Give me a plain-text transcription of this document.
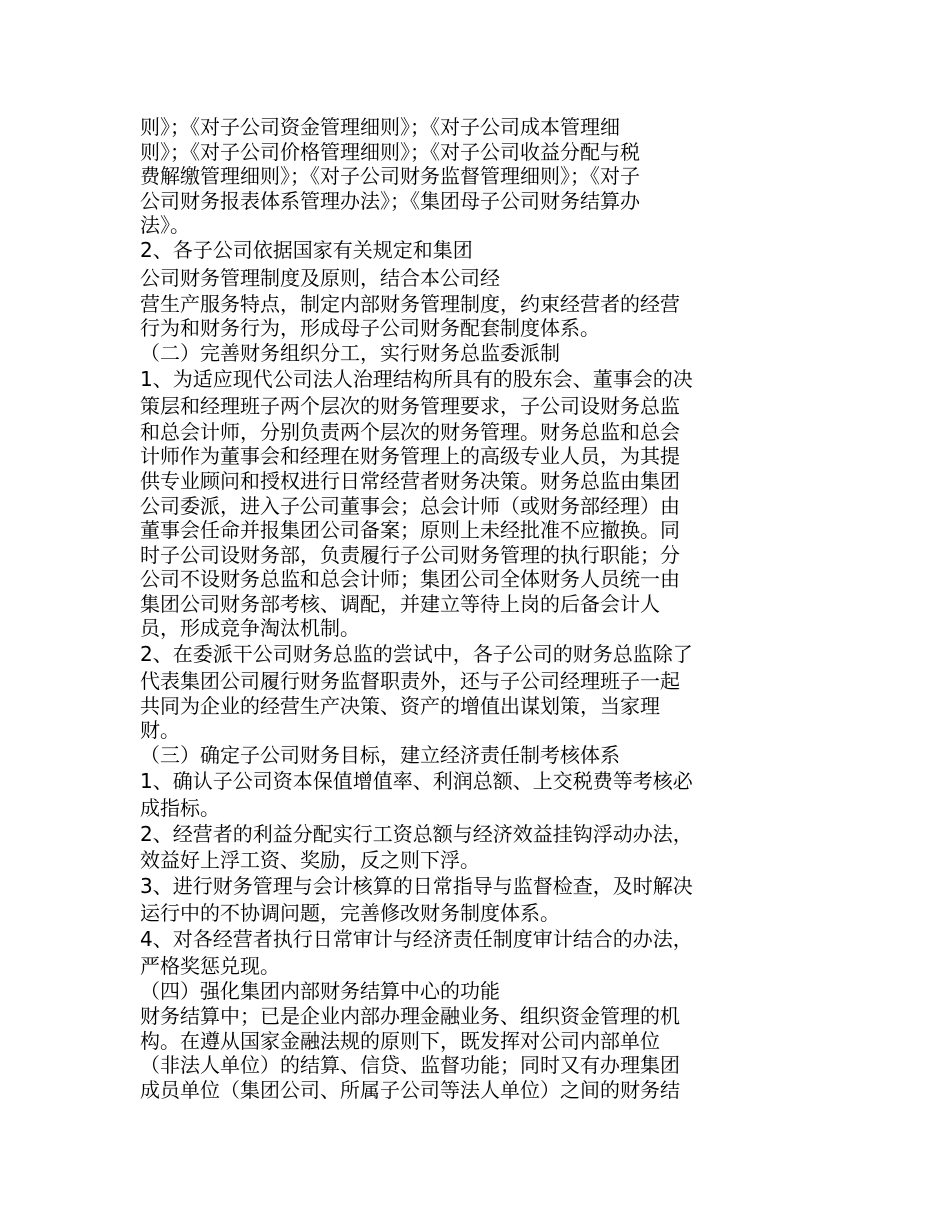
则》；《对子公司资金管理细则》；《对子公司成本管理细
则》；《对子公司价格管理细则》；《对子公司收益分配与税
费解缴管理细则》；《对子公司财务监督管理细则》；《对子
公司财务报表体系管理办法》；《集团母子公司财务结算办
法》。
2、各子公司依据国家有关规定和集团
公司财务管理制度及原则，结合本公司经
营生产服务特点，制定内部财务管理制度，约束经营者的经营
行为和财务行为，形成母子公司财务配套制度体系。
（二）完善财务组织分工，实行财务总监委派制
1、为适应现代公司法人治理结构所具有的股东会、董事会的决
策层和经理班子两个层次的财务管理要求，子公司设财务总监
和总会计师，分别负责两个层次的财务管理。财务总监和总会
计师作为董事会和经理在财务管理上的高级专业人员，为其提
供专业顾问和授权进行日常经营者财务决策。财务总监由集团
公司委派，进入子公司董事会；总会计师（或财务部经理）由
董事会任命并报集团公司备案；原则上未经批准不应撤换。同
时子公司设财务部，负责履行子公司财务管理的执行职能；分
公司不设财务总监和总会计师；集团公司全体财务人员统一由
集团公司财务部考核、调配，并建立等待上岗的后备会计人
员，形成竞争淘汰机制。
2、在委派干公司财务总监的尝试中，各子公司的财务总监除了
代表集团公司履行财务监督职责外，还与子公司经理班子一起
共同为企业的经营生产决策、资产的增值出谋划策，当家理
财。
（三）确定子公司财务目标，建立经济责任制考核体系
1、确认子公司资本保值增值率、利润总额、上交税费等考核必
成指标。
2、经营者的利益分配实行工资总额与经济效益挂钩浮动办法，
效益好上浮工资、奖励，反之则下浮。
3、进行财务管理与会计核算的日常指导与监督检查，及时解决
运行中的不协调问题，完善修改财务制度体系。
4、对各经营者执行日常审计与经济责任制度审计结合的办法，
严格奖惩兑现。
（四）强化集团内部财务结算中心的功能
财务结算中；已是企业内部办理金融业务、组织资金管理的机
构。在遵从国家金融法规的原则下，既发挥对公司内部单位
（非法人单位）的结算、信贷、监督功能；同时又有办理集团
成员单位（集团公司、所属子公司等法人单位）之间的财务结
